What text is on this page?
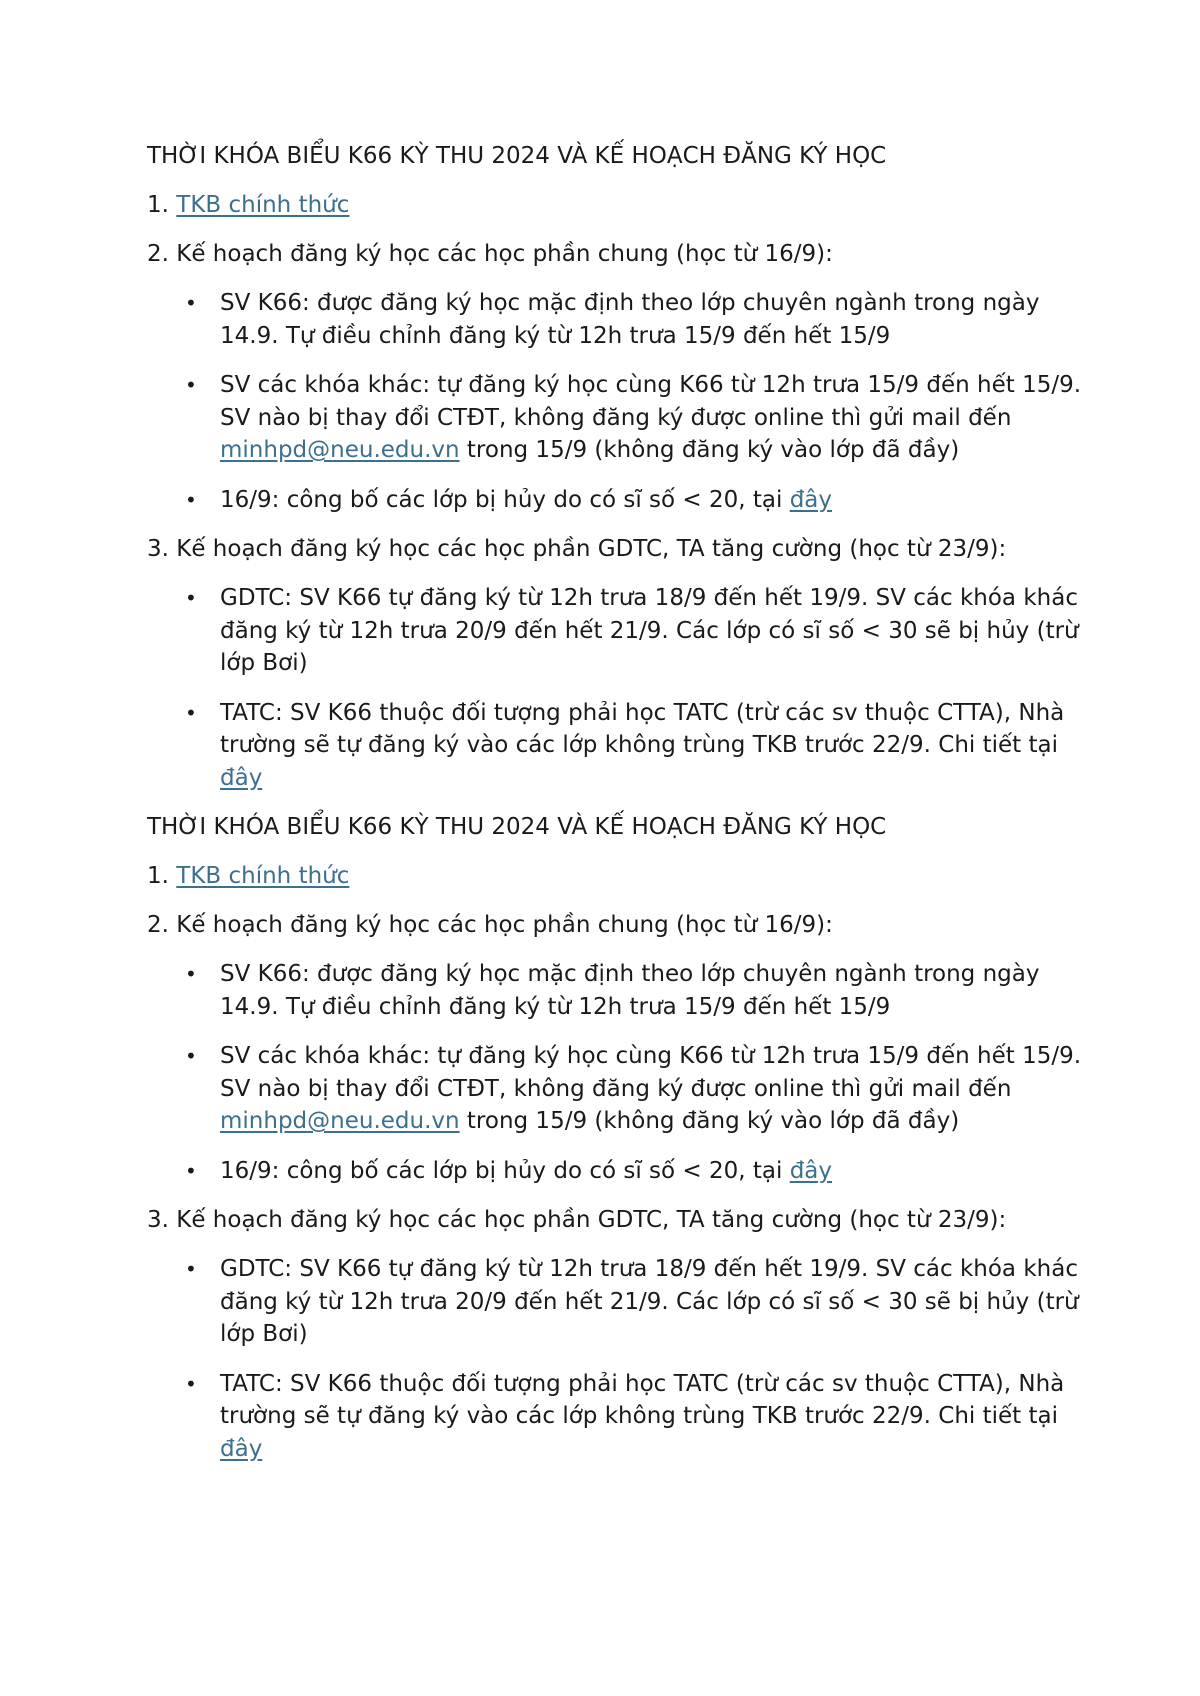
THỜI KHÓA BIỂU K66 KỲ THU 2024 VÀ KẾ HOẠCH ĐĂNG KÝ HỌC

1. TKB chính thức

2. Kế hoạch đăng ký học các học phần chung (học từ 16/9):

• SV K66: được đăng ký học mặc định theo lớp chuyên ngành trong ngày 14.9. Tự điều chỉnh đăng ký từ 12h trưa 15/9 đến hết 15/9
• SV các khóa khác: tự đăng ký học cùng K66 từ 12h trưa 15/9 đến hết 15/9. SV nào bị thay đổi CTĐT, không đăng ký được online thì gửi mail đến minhpd@neu.edu.vn trong 15/9 (không đăng ký vào lớp đã đầy)
• 16/9: công bố các lớp bị hủy do có sĩ số < 20, tại đây

3. Kế hoạch đăng ký học các học phần GDTC, TA tăng cường (học từ 23/9):

• GDTC: SV K66 tự đăng ký từ 12h trưa 18/9 đến hết 19/9. SV các khóa khác đăng ký từ 12h trưa 20/9 đến hết 21/9. Các lớp có sĩ số < 30 sẽ bị hủy (trừ lớp Bơi)
• TATC: SV K66 thuộc đối tượng phải học TATC (trừ các sv thuộc CTTA), Nhà trường sẽ tự đăng ký vào các lớp không trùng TKB trước 22/9. Chi tiết tại đây

THỜI KHÓA BIỂU K66 KỲ THU 2024 VÀ KẾ HOẠCH ĐĂNG KÝ HỌC

1. TKB chính thức

2. Kế hoạch đăng ký học các học phần chung (học từ 16/9):

• SV K66: được đăng ký học mặc định theo lớp chuyên ngành trong ngày 14.9. Tự điều chỉnh đăng ký từ 12h trưa 15/9 đến hết 15/9
• SV các khóa khác: tự đăng ký học cùng K66 từ 12h trưa 15/9 đến hết 15/9. SV nào bị thay đổi CTĐT, không đăng ký được online thì gửi mail đến minhpd@neu.edu.vn trong 15/9 (không đăng ký vào lớp đã đầy)
• 16/9: công bố các lớp bị hủy do có sĩ số < 20, tại đây

3. Kế hoạch đăng ký học các học phần GDTC, TA tăng cường (học từ 23/9):

• GDTC: SV K66 tự đăng ký từ 12h trưa 18/9 đến hết 19/9. SV các khóa khác đăng ký từ 12h trưa 20/9 đến hết 21/9. Các lớp có sĩ số < 30 sẽ bị hủy (trừ lớp Bơi)
• TATC: SV K66 thuộc đối tượng phải học TATC (trừ các sv thuộc CTTA), Nhà trường sẽ tự đăng ký vào các lớp không trùng TKB trước 22/9. Chi tiết tại đây
